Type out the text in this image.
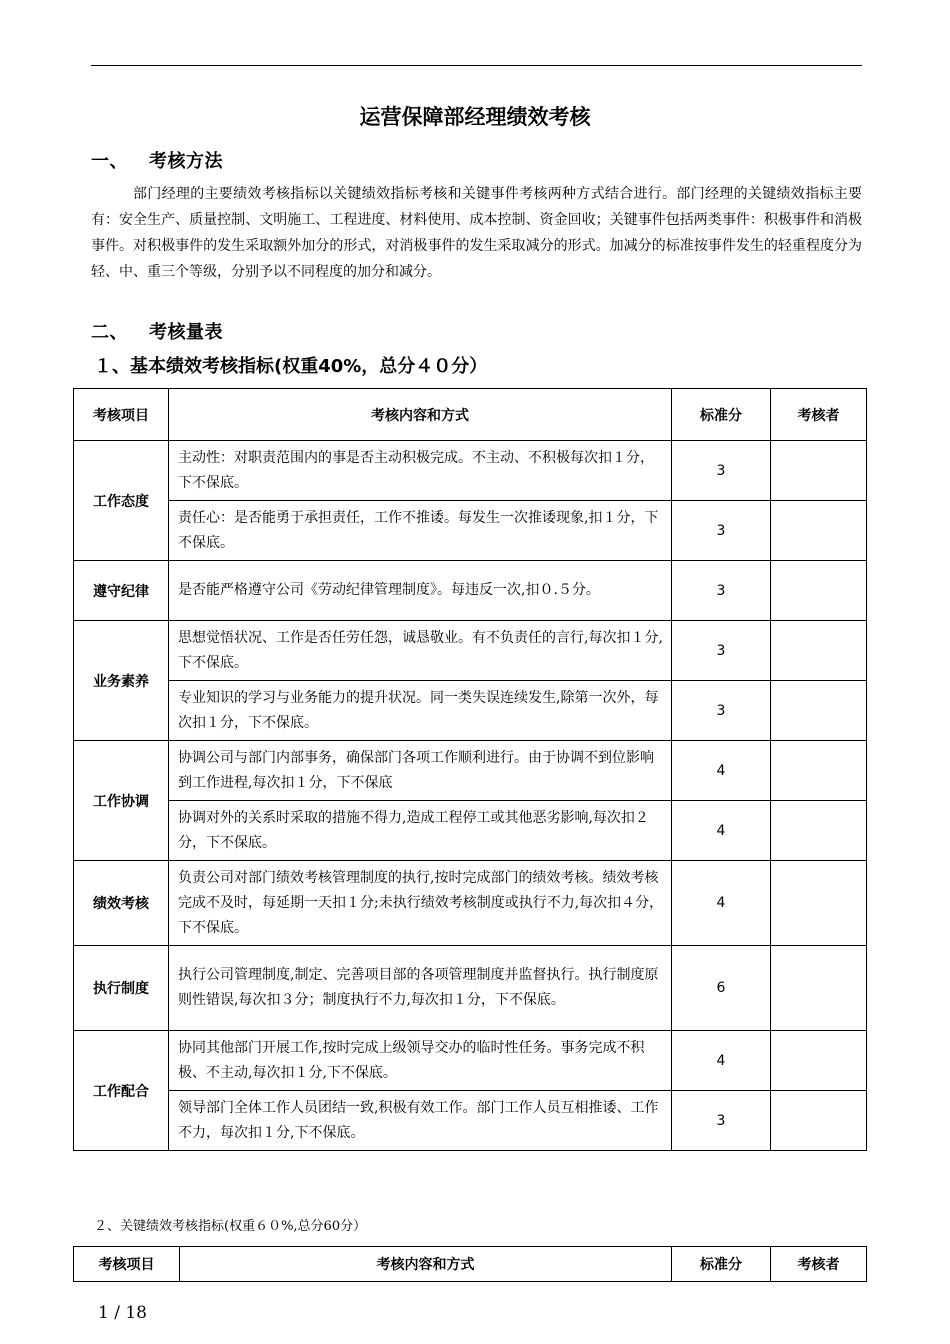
运营保障部经理绩效考核
一、 考核方法
部门经理的主要绩效考核指标以关键绩效指标考核和关键事件考核两种方式结合进行。部门经理的关键绩效指标主要有：安全生产、质量控制、文明施工、工程进度、材料使用、成本控制、资金回收；关键事件包括两类事件：积极事件和消极事件。对积极事件的发生采取额外加分的形式，对消极事件的发生采取减分的形式。加减分的标准按事件发生的轻重程度分为轻、中、重三个等级，分别予以不同程度的加分和减分。
二、 考核量表
１、基本绩效考核指标(权重40%，总分４０分）
考核项目	考核内容和方式	标准分	考核者
工作态度	主动性：对职责范围内的事是否主动积极完成。不主动、不积极每次扣１分，下不保底。	3	
	责任心：是否能勇于承担责任，工作不推诿。每发生一次推诿现象,扣１分，下不保底。	3	
遵守纪律	是否能严格遵守公司《劳动纪律管理制度》。每违反一次,扣０.５分。	3	
业务素养	思想觉悟状况、工作是否任劳任怨，诚恳敬业。有不负责任的言行,每次扣１分,下不保底。	3	
	专业知识的学习与业务能力的提升状况。同一类失误连续发生,除第一次外，每次扣１分，下不保底。	3	
工作协调	协调公司与部门内部事务，确保部门各项工作顺利进行。由于协调不到位影响到工作进程,每次扣１分，下不保底	4	
	协调对外的关系时采取的措施不得力,造成工程停工或其他恶劣影响,每次扣２分，下不保底。	4	
绩效考核	负责公司对部门绩效考核管理制度的执行,按时完成部门的绩效考核。绩效考核完成不及时，每延期一天扣１分;未执行绩效考核制度或执行不力,每次扣４分，下不保底。	4	
执行制度	执行公司管理制度,制定、完善项目部的各项管理制度并监督执行。执行制度原则性错误,每次扣３分；制度执行不力,每次扣１分，下不保底。	6	
工作配合	协同其他部门开展工作,按时完成上级领导交办的临时性任务。事务完成不积极、不主动,每次扣１分,下不保底。	4	
	领导部门全体工作人员团结一致,积极有效工作。部门工作人员互相推诿、工作不力，每次扣１分,下不保底。	3	
２、关键绩效考核指标(权重６０%,总分60分）
考核项目	考核内容和方式	标准分	考核者
1 / 18
